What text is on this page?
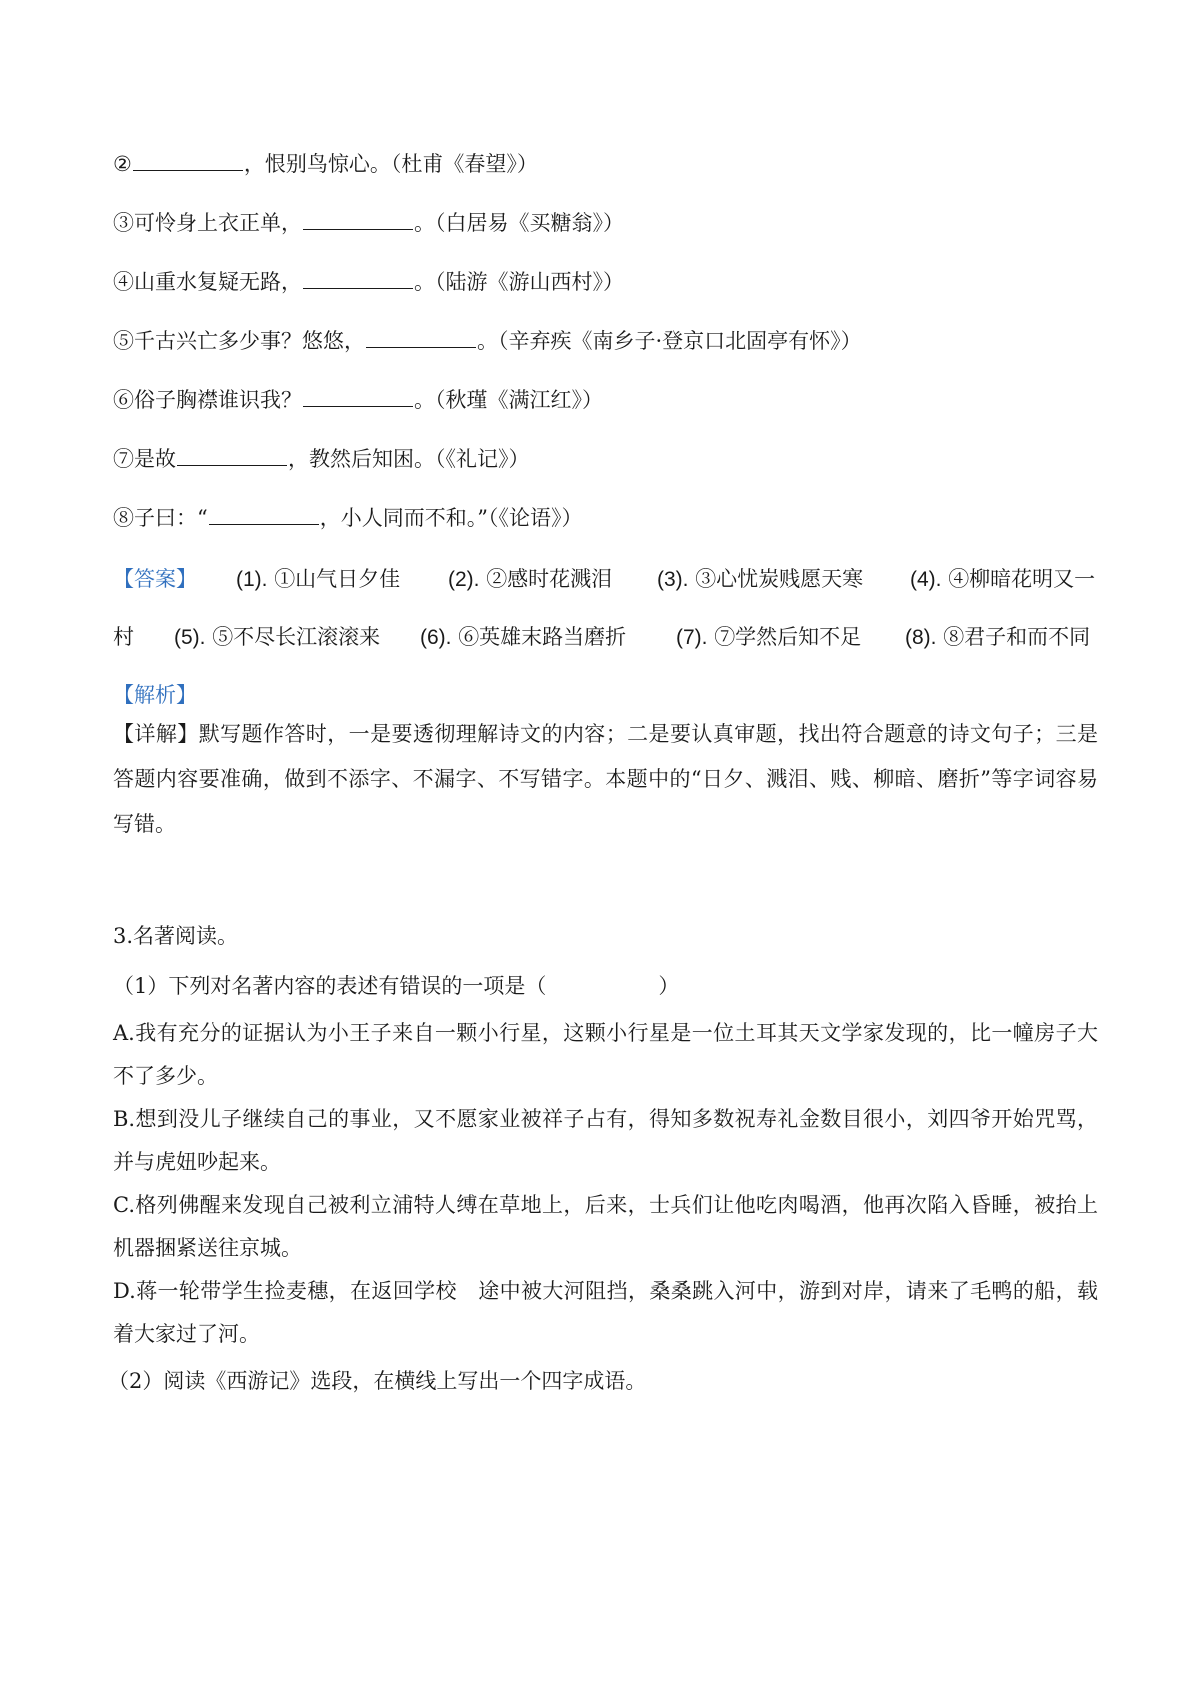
②	，恨别鸟惊心。（杜甫《春望》）
③可怜身上衣正单，	。（白居易《买糖翁》）
④山重水复疑无路，	。（陆游《游山西村》）
⑤千古兴亡多少事？悠悠，	。（辛弃疾《南乡子·登京口北固亭有怀》）
⑥俗子胸襟谁识我？	。（秋瑾《满江红》）
⑦是故	，教然后知困。（《礼记》）
⑧子曰：“	，小人同而不和。”（《论语》）
【答案】 (1). ①山气日夕佳 (2). ②感时花溅泪 (3). ③心忧炭贱愿天寒 (4). ④柳暗花明又一
村 (5). ⑤不尽长江滚滚来 (6). ⑥英雄末路当磨折 (7). ⑦学然后知不足 (8). ⑧君子和而不同
【解析】
【详解】默写题作答时，一是要透彻理解诗文的内容；二是要认真审题，找出符合题意的诗文句子；三是答题内容要准确，做到不添字、不漏字、不写错字。本题中的“日夕、溅泪、贱、柳暗、磨折”等字词容易写错。
3.名著阅读。
（1）下列对名著内容的表述有错误的一项是（	）
A.我有充分的证据认为小王子来自一颗小行星，这颗小行星是一位土耳其天文学家发现的，比一幢房子大不了多少。
B.想到没儿子继续自己的事业，又不愿家业被祥子占有，得知多数祝寿礼金数目很小，刘四爷开始咒骂，并与虎妞吵起来。
C.格列佛醒来发现自己被利立浦特人缚在草地上，后来，士兵们让他吃肉喝酒，他再次陷入昏睡，被抬上机器捆紧送往京城。
D.蒋一轮带学生捡麦穗，在返回学校　途中被大河阻挡，桑桑跳入河中，游到对岸，请来了毛鸭的船，载着大家过了河。
（2）阅读《西游记》选段，在横线上写出一个四字成语。
